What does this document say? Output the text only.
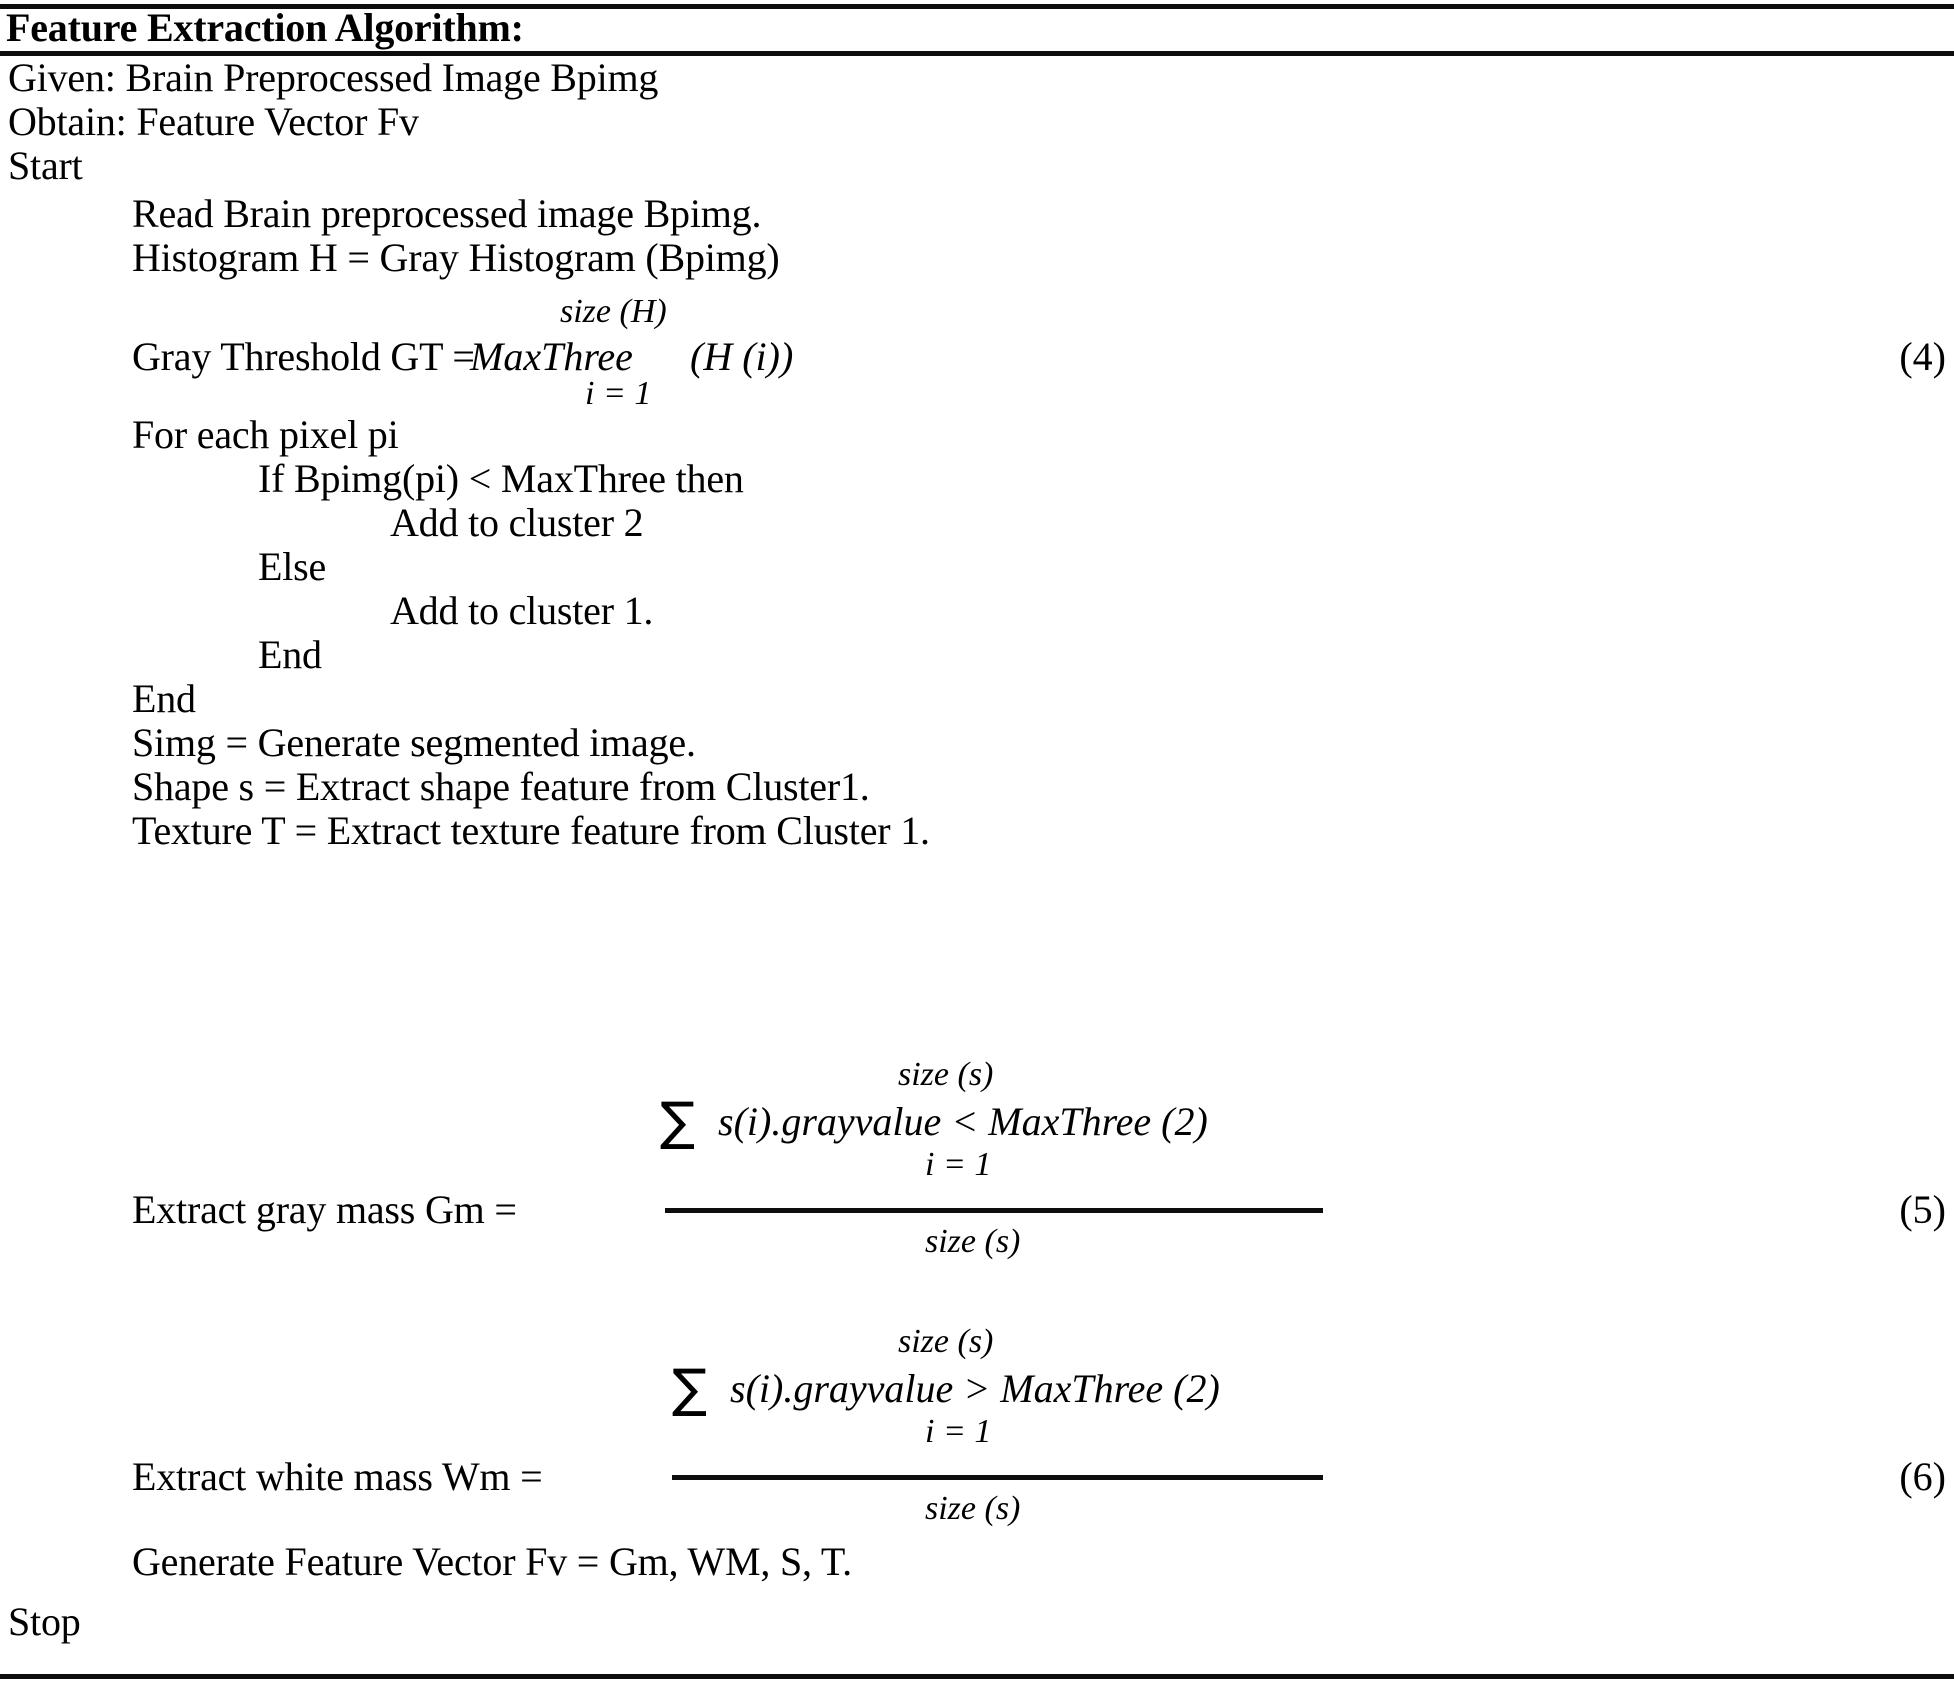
Feature Extraction Algorithm:
Given: Brain Preprocessed Image Bpimg
Obtain: Feature Vector Fv
Start
Read Brain preprocessed image Bpimg.
Histogram H = Gray Histogram (Bpimg)
size (H)
Gray Threshold GT =
MaxThree (H (i))
i = 1
(4)
For each pixel pi
If Bpimg(pi) < MaxThree then
Add to cluster 2
Else
Add to cluster 1.
End
End
Simg = Generate segmented image.
Shape s = Extract shape feature from Cluster1.
Texture T = Extract texture feature from Cluster 1.
size (s)
∑ s(i).grayvalue < MaxThree (2)
i = 1
Extract gray mass Gm =
size (s)
(5)
size (s)
∑ s(i).grayvalue > MaxThree (2)
i = 1
Extract white mass Wm =
size (s)
(6)
Generate Feature Vector Fv = Gm, WM, S, T.
Stop
